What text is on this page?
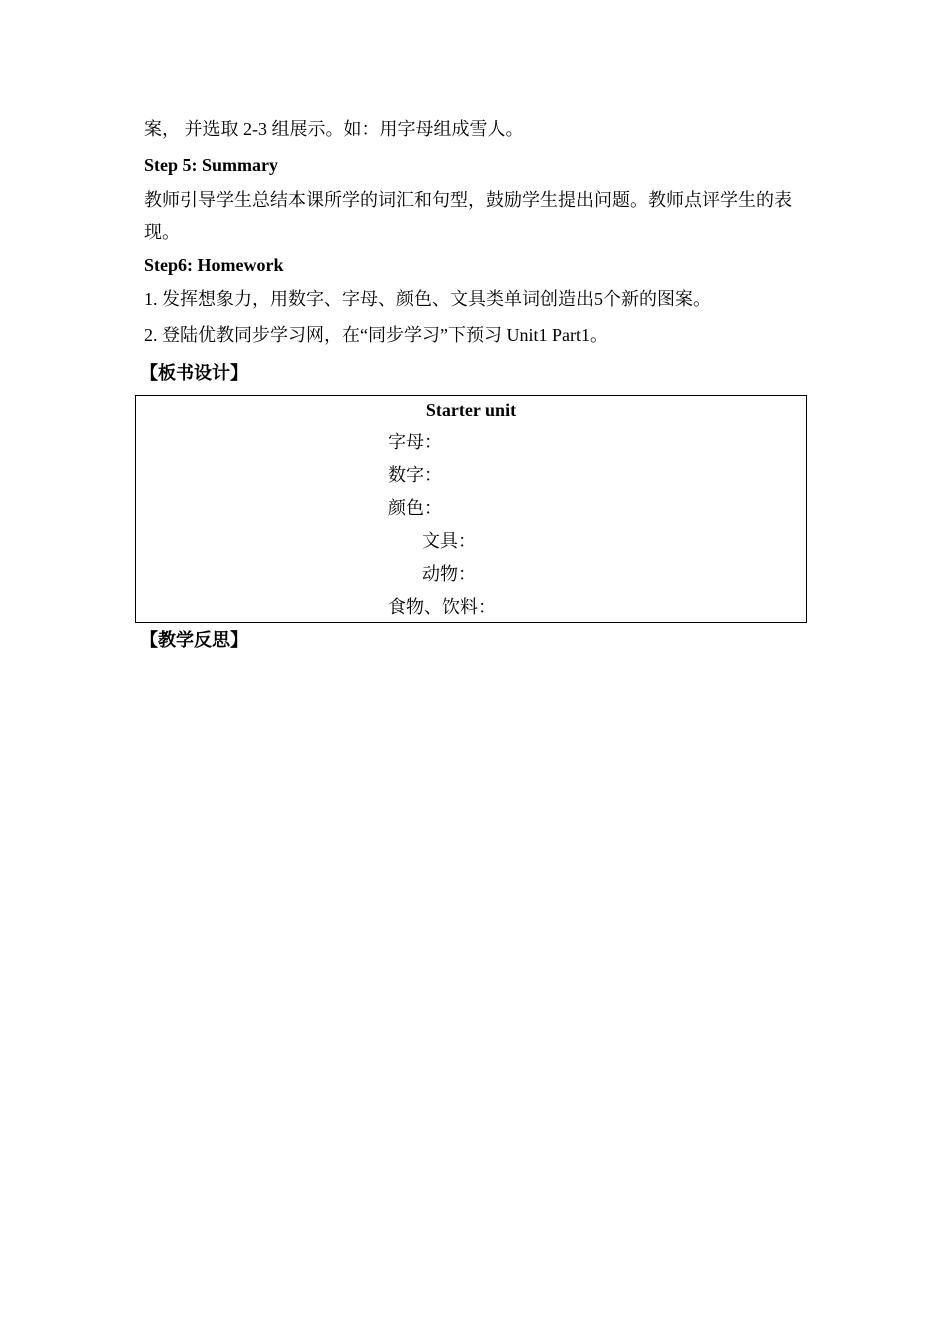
案， 并选取 2-3 组展示。如：用字母组成雪人。
Step 5: Summary
教师引导学生总结本课所学的词汇和句型，鼓励学生提出问题。教师点评学生的表现。
Step6: Homework
1. 发挥想象力，用数字、字母、颜色、文具类单词创造出5个新的图案。
2. 登陆优教同步学习网，在“同步学习”下预习 Unit1 Part1。
【板书设计】
Starter unit
字母：
数字：
颜色：
文具：
动物：
食物、饮料：
【教学反思】
